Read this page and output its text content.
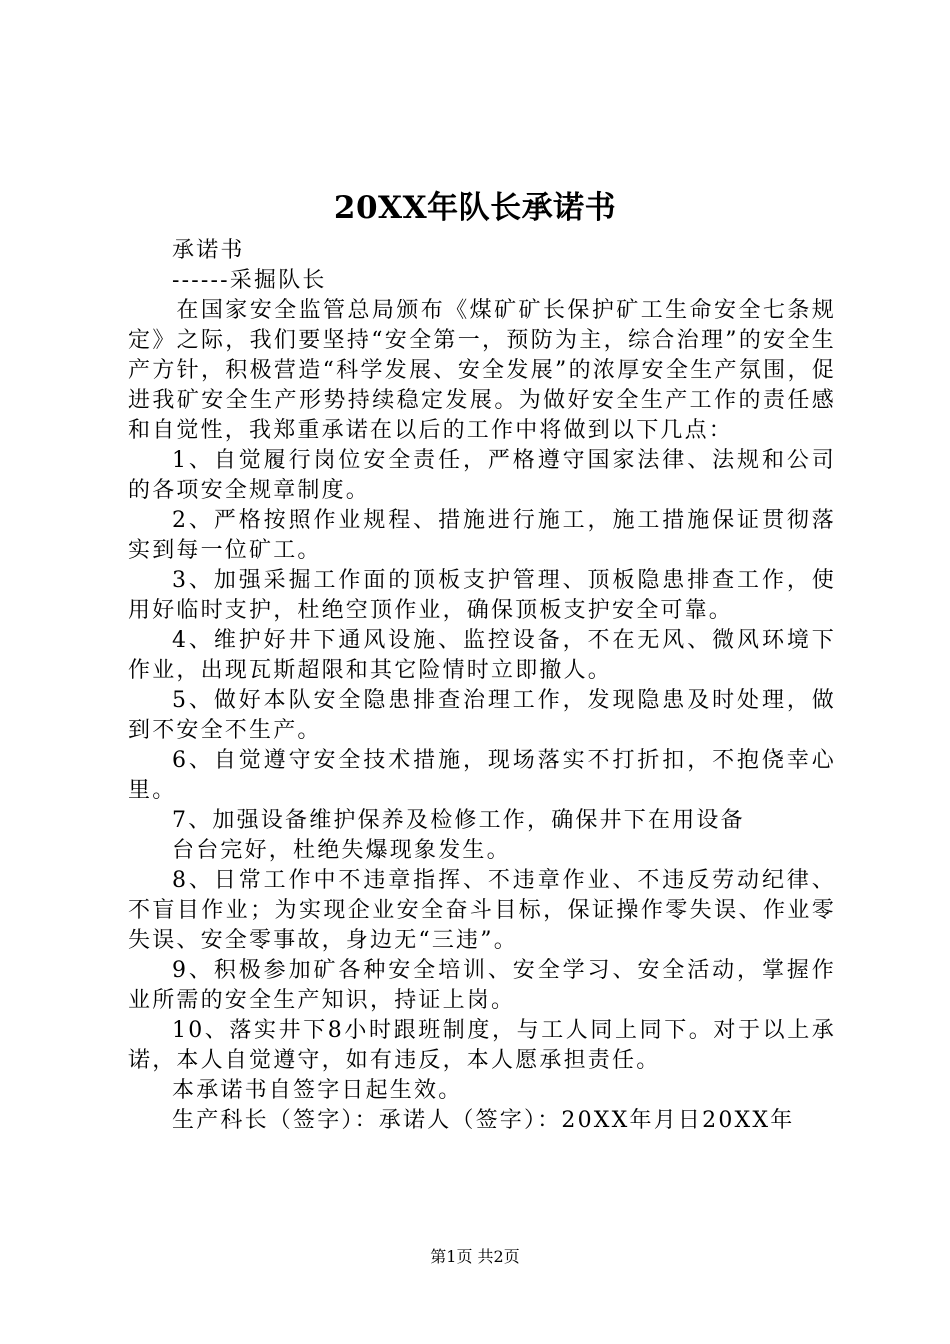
20XX年队长承诺书

承诺书

------采掘队长

在国家安全监管总局颁布《煤矿矿长保护矿工生命安全七条规定》之际，我们要坚持“安全第一，预防为主，综合治理”的安全生产方针，积极营造“科学发展、安全发展”的浓厚安全生产氛围，促进我矿安全生产形势持续稳定发展。为做好安全生产工作的责任感和自觉性，我郑重承诺在以后的工作中将做到以下几点：

1、自觉履行岗位安全责任，严格遵守国家法律、法规和公司的各项安全规章制度。

2、严格按照作业规程、措施进行施工，施工措施保证贯彻落实到每一位矿工。

3、加强采掘工作面的顶板支护管理、顶板隐患排查工作，使用好临时支护，杜绝空顶作业，确保顶板支护安全可靠。

4、维护好井下通风设施、监控设备，不在无风、微风环境下作业，出现瓦斯超限和其它险情时立即撤人。

5、做好本队安全隐患排查治理工作，发现隐患及时处理，做到不安全不生产。

6、自觉遵守安全技术措施，现场落实不打折扣，不抱侥幸心里。

7、加强设备维护保养及检修工作，确保井下在用设备

台台完好，杜绝失爆现象发生。

8、日常工作中不违章指挥、不违章作业、不违反劳动纪律、不盲目作业；为实现企业安全奋斗目标，保证操作零失误、作业零失误、安全零事故，身边无“三违”。

9、积极参加矿各种安全培训、安全学习、安全活动，掌握作业所需的安全生产知识，持证上岗。

10、落实井下8小时跟班制度，与工人同上同下。对于以上承诺，本人自觉遵守，如有违反，本人愿承担责任。

本承诺书自签字日起生效。

生产科长（签字）：承诺人（签字）：20XX年月日20XX年

第1页 共2页
